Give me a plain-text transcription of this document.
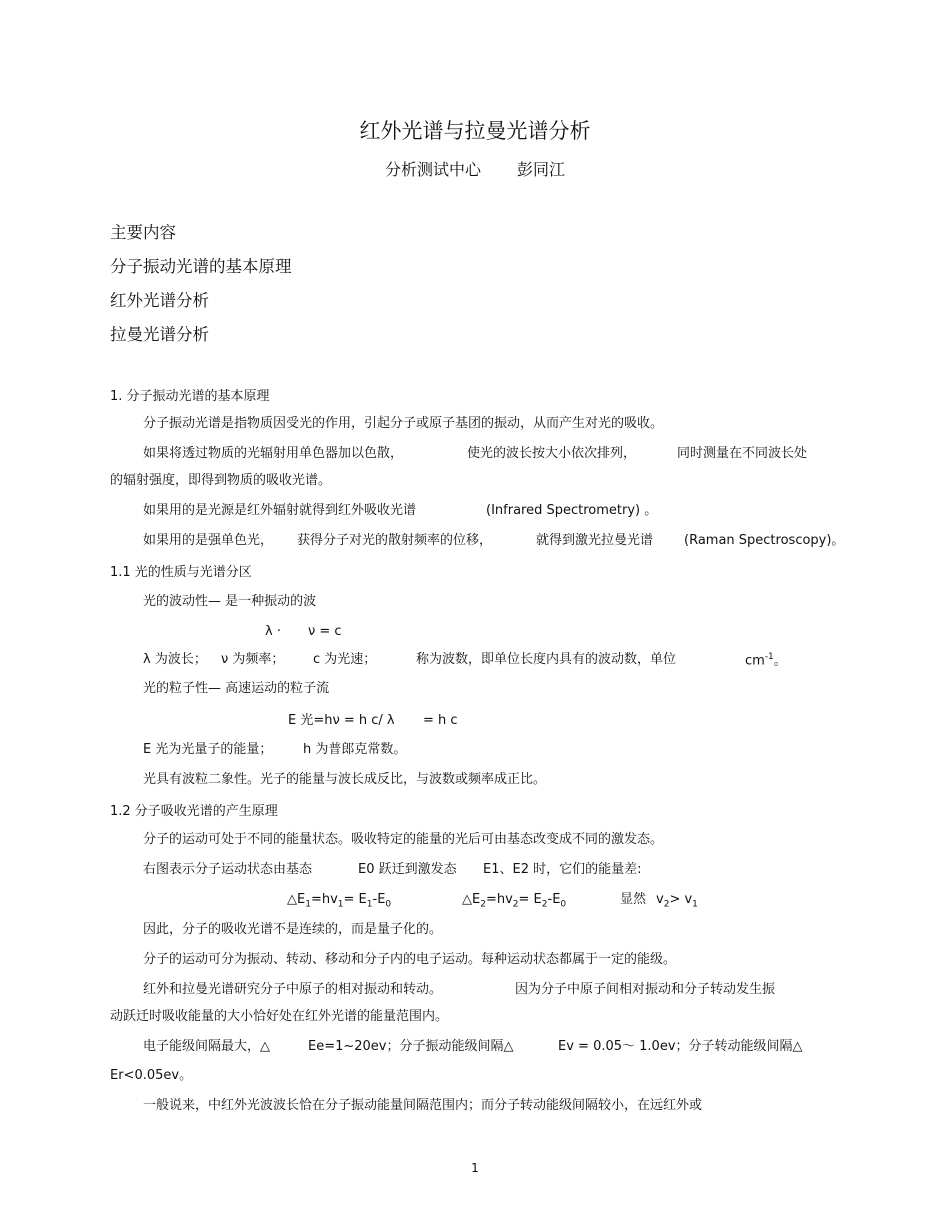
红外光谱与拉曼光谱分析
分析测试中心 彭同江
主要内容
分子振动光谱的基本原理
红外光谱分析
拉曼光谱分析
1. 分子振动光谱的基本原理
分子振动光谱是指物质因受光的作用，引起分子或原子基团的振动，从而产生对光的吸收。
如果将透过物质的光辐射用单色器加以色散，	使光的波长按大小依次排列，	同时测量在不同波长处
的辐射强度，即得到物质的吸收光谱。
如果用的是光源是红外辐射就得到红外吸收光谱	(Infrared Spectrometry) 。
如果用的是强单色光， 获得分子对光的散射频率的位移，	就得到激光拉曼光谱 (Raman Spectroscopy)。
1.1 光的性质与光谱分区
光的波动性— 是一种振动的波
λ · ν = c
λ 为波长； ν 为频率； c 为光速；	称为波数，即单位长度内具有的波动数，单位	$cm^{-1}$。
光的粒子性— 高速运动的粒子流
E 光=hν = h c/ λ = h c
E 光为光量子的能量； h 为普郎克常数。
光具有波粒二象性。光子的能量与波长成反比，与波数或频率成正比。
1.2 分子吸收光谱的产生原理
分子的运动可处于不同的能量状态。吸收特定的能量的光后可由基态改变成不同的激发态。
右图表示分子运动状态由基态	E0 跃迁到激发态 E1、E2 时，它们的能量差:
$\triangle E_1=hv_1= E_1-E_0$	$\triangle E_2=hv_2= E_2-E_0$	显然 $v_2> v_1$
因此，分子的吸收光谱不是连续的，而是量子化的。
分子的运动可分为振动、转动、移动和分子内的电子运动。每种运动状态都属于一定的能级。
红外和拉曼光谱研究分子中原子的相对振动和转动。	因为分子中原子间相对振动和分子转动发生振
动跃迁时吸收能量的大小恰好处在红外光谱的能量范围内。
电子能级间隔最大，△	Ee=1~20ev；分子振动能级间隔△	Ev = 0.05～ 1.0ev；分子转动能级间隔△
Er<0.05ev。
一般说来，中红外光波波长恰在分子振动能量间隔范围内；而分子转动能级间隔较小，在远红外或
1
